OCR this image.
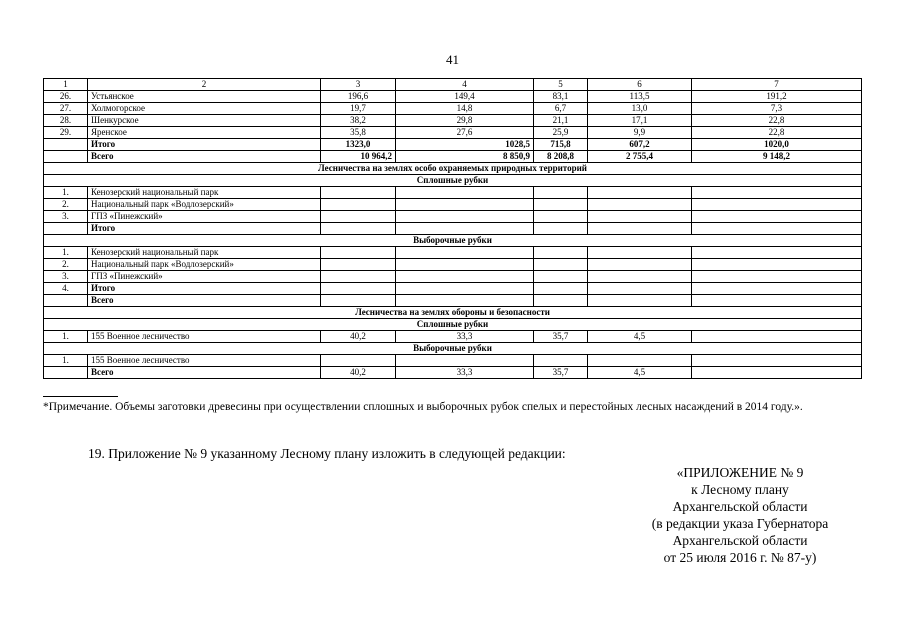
41
1	2	3	4	5	6	7
26.	Устьянское	196,6	149,4	83,1	113,5	191,2
27.	Холмогорское	19,7	14,8	6,7	13,0	7,3
28.	Шенкурское	38,2	29,8	21,1	17,1	22,8
29.	Яренское	35,8	27,6	25,9	9,9	22,8
	Итого	1323,0	1028,5	715,8	607,2	1020,0
	Всего	10 964,2	8 850,9	8 208,8	2 755,4	9 148,2
Лесничества на землях особо охраняемых природных территорий						
Сплошные рубки						
1.	Кенозерский национальный парк					
2.	Национальный парк «Водлозерский»					
3.	ГПЗ «Пинежский»					
	Итого					
Выборочные рубки						
1.	Кенозерский национальный парк					
2.	Национальный парк «Водлозерский»					
3.	ГПЗ «Пинежский»					
4.	Итого					
	Всего					
Лесничества на землях обороны и безопасности						
Сплошные рубки						
1.	155 Военное лесничество	40,2	33,3	35,7	4,5	
Выборочные рубки						
1.	155 Военное лесничество					
	Всего	40,2	33,3	35,7	4,5	
*Примечание. Объемы заготовки древесины при осуществлении сплошных и выборочных рубок спелых и перестойных лесных насаждений в 2014 году.».
19. Приложение № 9 указанному Лесному плану изложить в следующей редакции:
«ПРИЛОЖЕНИЕ № 9
к Лесному плану
Архангельской области
(в редакции указа Губернатора
Архангельской области
от 25 июля 2016 г. № 87-у)
